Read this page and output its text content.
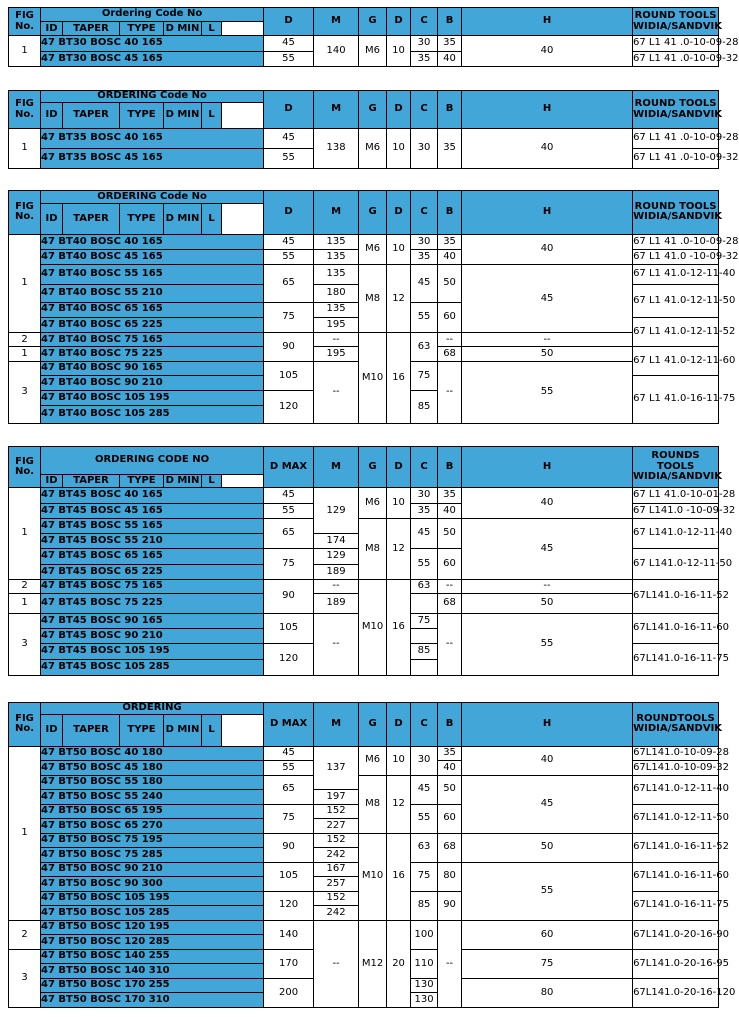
FIG No.	Ordering Code No					D	M	G	D	C	B	H	ROUND TOOLS WIDIA/SANDVIK	
	ID	TAPER	TYPE	D MIN	L									
1	47 BT30 BOSC 40 165					45	140	M6	10	30	35	40	67 L1 41 .0-10-09-28	
	47 BT30 BOSC 45 165					55				35	40		67 L1 41 .0-10-09-32	
FIG No.	ORDERING Code No					D	M	G	D	C	B	H	ROUND TOOLS WIDIA/SANDVIK	
	ID	TAPER	TYPE	D MIN	L									
1	47 BT35 BOSC 40 165					45	138	M6	10	30	35	40	67 L1 41 .0-10-09-28	
	47 BT35 BOSC 45 165					55							67 L1 41 .0-10-09-32	
FIG No.	ORDERING Code No					D	M	G	D	C	B	H	ROUND TOOLS WIDIA/SANDVIK	
	ID	TAPER	TYPE	D MIN	L									
1	47 BT40 BOSC 40 165					45	135	M6	10	30	35	40	67 L1 41 .0-10-09-28	
	47 BT40 BOSC 45 165					55	135			35	40		67 L1 41.0 -10-09-32	
	47 BT40 BOSC 55 165					65	135	M8	12	45	50	45	67 L1 41.0-12-11-40	
	47 BT40 BOSC 55 210						180						67 L1 41.0-12-11-50	
	47 BT40 BOSC 65 165					75	135			55	60	
	47 BT40 BOSC 65 225						195						67 L1 41.0-12-11-52	
2	47 BT40 BOSC 75 165					90	--	M10	16	63	--	--	
1	47 BT40 BOSC 75 225						195				68	50	67 L1 41.0-12-11-60	
3	47 BT40 BOSC 90 165					105	--			75	--	55	
	47 BT40 BOSC 90 210												67 L1 41.0-16-11-75	
	47 BT40 BOSC 105 195					120				85	
	47 BT40 BOSC 105 285	
FIG No.	ORDERING CODE NO					D MAX	M	G	D	C	B	H	ROUNDS TOOLS WIDIA/SANDVIK	
	ID	TAPER	TYPE	D MIN	L									
1	47 BT45 BOSC 40 165					45	129	M6	10	30	35	40	67 L1 41.0-10-01-28	
	47 BT45 BOSC 45 165					55				35	40		67 L141.0 -10-09-32	
	47 BT45 BOSC 55 165					65		M8	12	45	50	45	67 L141.0-12-11-40	
	47 BT45 BOSC 55 210						174	
	47 BT45 BOSC 65 165					75	129			55	60		67 L141.0-12-11-50	
	47 BT45 BOSC 65 225						189	
2	47 BT45 BOSC 75 165					90	--	M10	16	63	--	--	67L141.0-16-11-52	
1	47 BT45 BOSC 75 225						189				68	50	
3	47 BT45 BOSC 90 165					105	--			75	--	55	67L141.0-16-11-60	
	47 BT45 BOSC 90 210		
	47 BT45 BOSC 105 195					120				85			67L141.0-16-11-75	
	47 BT45 BOSC 105 285		
FIG No.	ORDERING					D MAX	M	G	D	C	B	H	ROUNDTOOLS WIDIA/SANDVIK	
	ID	TAPER	TYPE	D MIN	L									
1	47 BT50 BOSC 40 180					45	137	M6	10	30	35	40	67L141.0-10-09-28	
	47 BT50 BOSC 45 180					55					40		67L141.0-10-09-32	
	47 BT50 BOSC 55 180					65		M8	12	45	50	45	67L141.0-12-11-40	
	47 BT50 BOSC 55 240						197	
	47 BT50 BOSC 65 195					75	152			55	60		67L141.0-12-11-50	
	47 BT50 BOSC 65 270						227	
	47 BT50 BOSC 75 195					90	152	M10	16	63	68	50	67L141.0-16-11-52	
	47 BT50 BOSC 75 285						242	
	47 BT50 BOSC 90 210					105	167			75	80	55	67L141.0-16-11-60	
	47 BT50 BOSC 90 300						257	
	47 BT50 BOSC 105 195					120	152			85	90		67L141.0-16-11-75	
	47 BT50 BOSC 105 285						242	
2	47 BT50 BOSC 120 195					140	--	M12	20	100	--	60	67L141.0-20-16-90	
	47 BT50 BOSC 120 285	
3	47 BT50 BOSC 140 255					170				110		75	67L141.0-20-16-95	
	47 BT50 BOSC 140 310	
	47 BT50 BOSC 170 255					200				130		80	67L141.0-20-16-120	
	47 BT50 BOSC 170 310									130	
